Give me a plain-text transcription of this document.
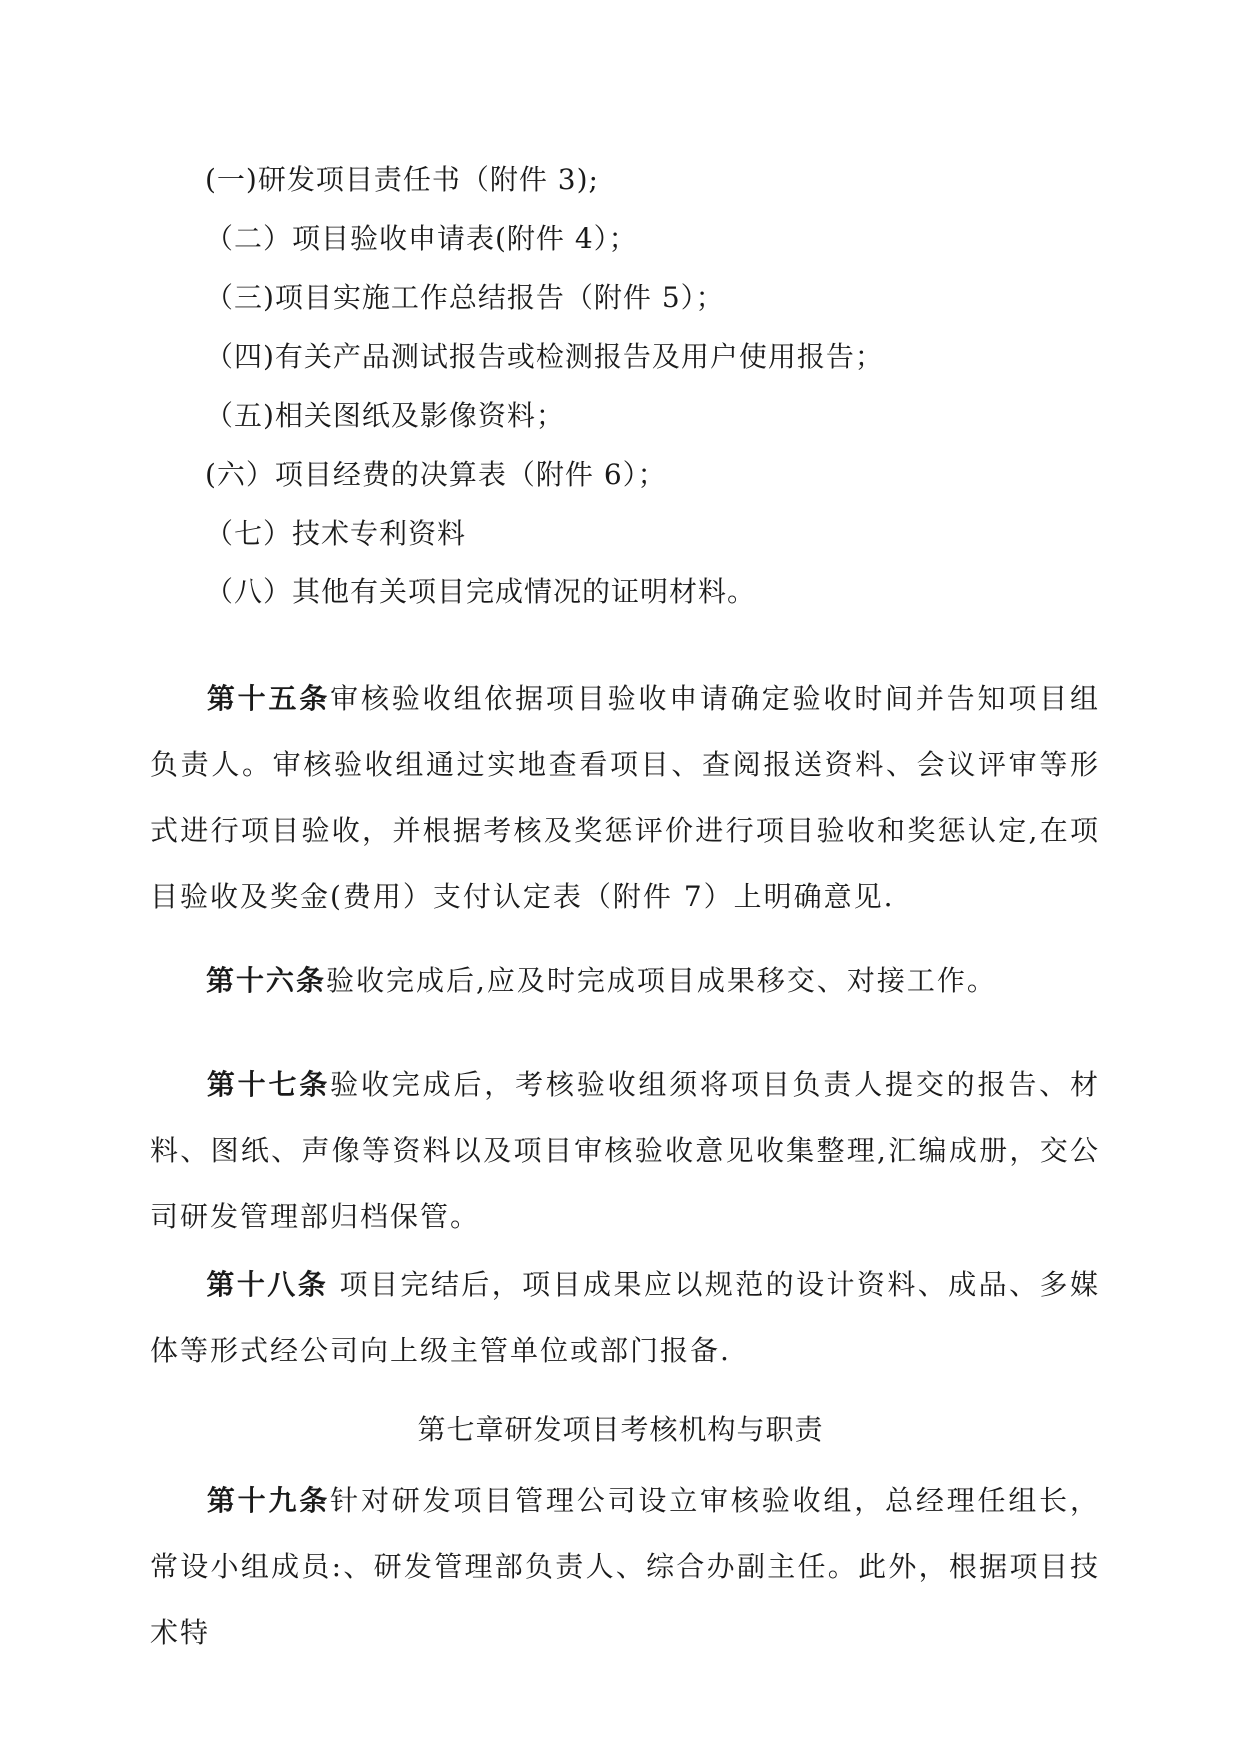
(一)研发项目责任书（附件 3);
（二）项目验收申请表(附件 4）；
（三)项目实施工作总结报告（附件 5）；
（四)有关产品测试报告或检测报告及用户使用报告；
（五)相关图纸及影像资料；
(六）项目经费的决算表（附件 6）；
（七）技术专利资料
（八）其他有关项目完成情况的证明材料。
第十五条审核验收组依据项目验收申请确定验收时间并告知项目组负责人。审核验收组通过实地查看项目、查阅报送资料、会议评审等形式进行项目验收，并根据考核及奖惩评价进行项目验收和奖惩认定,在项目验收及奖金(费用）支付认定表（附件 7）上明确意见.
第十六条验收完成后,应及时完成项目成果移交、对接工作。
第十七条验收完成后，考核验收组须将项目负责人提交的报告、材料、图纸、声像等资料以及项目审核验收意见收集整理,汇编成册，交公司研发管理部归档保管。
第十八条 项目完结后，项目成果应以规范的设计资料、成品、多媒体等形式经公司向上级主管单位或部门报备.
第七章研发项目考核机构与职责
第十九条针对研发项目管理公司设立审核验收组，总经理任组长，常设小组成员:、研发管理部负责人、综合办副主任。此外，根据项目技术特
